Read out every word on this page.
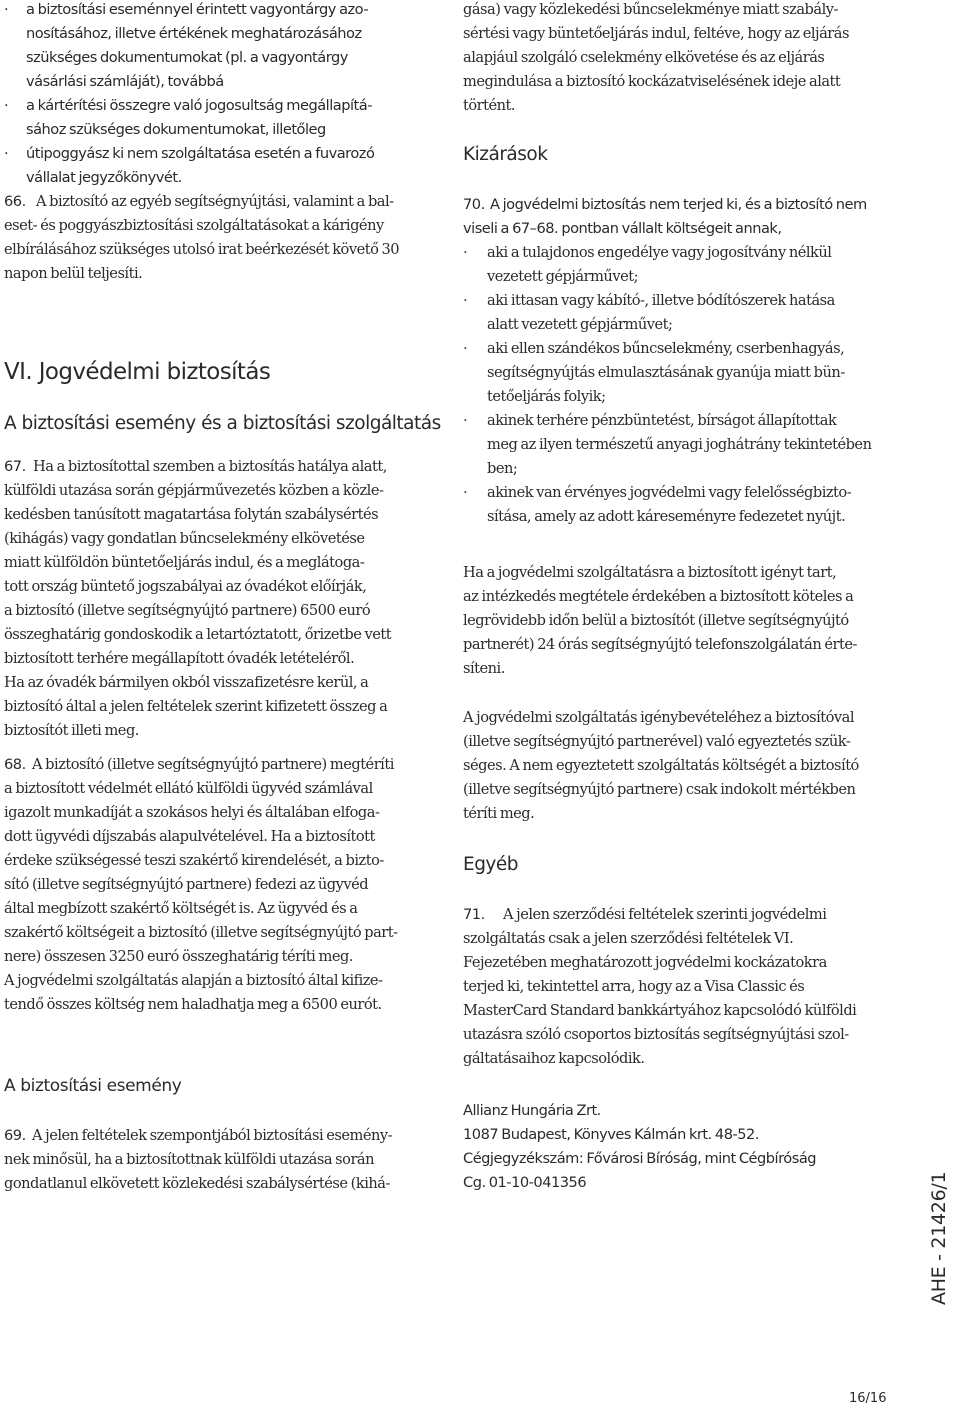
· a biztosítási eseménnyel érintett vagyontárgy azo-
nosításához, illetve értékének meghatározásához
szükséges dokumentumokat (pl. a vagyontárgy
vásárlási számláját), továbbá
· a kártérítési összegre való jogosultság megállapítá-
sához szükséges dokumentumokat, illetőleg
· útipoggyász ki nem szolgáltatása esetén a fuvarozó
vállalat jegyzőkönyvét.
66. A biztosító az egyéb segítségnyújtási, valamint a bal-
eset- és poggyászbiztosítási szolgáltatásokat a kárigény
elbírálásához szükséges utolsó irat beérkezését követő 30
napon belül teljesíti.
VI. Jogvédelmi biztosítás
A biztosítási esemény és a biztosítási szolgáltatás
67. Ha a biztosítottal szemben a biztosítás hatálya alatt,
külföldi utazása során gépjárművezetés közben a közle-
kedésben tanúsított magatartása folytán szabálysértés
(kihágás) vagy gondatlan bűncselekmény elkövetése
miatt külföldön büntetőeljárás indul, és a meglátoga-
tott ország büntető jogszabályai az óvadékot előírják,
a biztosító (illetve segítségnyújtó partnere) 6500 euró
összeghatárig gondoskodik a letartóztatott, őrizetbe vett
biztosított terhére megállapított óvadék letételéről.
Ha az óvadék bármilyen okból visszafizetésre kerül, a
biztosító által a jelen feltételek szerint kifizetett összeg a
biztosítót illeti meg.
68. A biztosító (illetve segítségnyújtó partnere) megtéríti
a biztosított védelmét ellátó külföldi ügyvéd számlával
igazolt munkadíját a szokásos helyi és általában elfoga-
dott ügyvédi díjszabás alapulvételével. Ha a biztosított
érdeke szükségessé teszi szakértő kirendelését, a bizto-
sító (illetve segítségnyújtó partnere) fedezi az ügyvéd
által megbízott szakértő költségét is. Az ügyvéd és a
szakértő költségeit a biztosító (illetve segítségnyújtó part-
nere) összesen 3250 euró összeghatárig téríti meg.
A jogvédelmi szolgáltatás alapján a biztosító által kifize-
tendő összes költség nem haladhatja meg a 6500 eurót.
A biztosítási esemény
69. A jelen feltételek szempontjából biztosítási esemény-
nek minősül, ha a biztosítottnak külföldi utazása során
gondatlanul elkövetett közlekedési szabálysértése (kihá-
gása) vagy közlekedési bűncselekménye miatt szabály-
sértési vagy büntetőeljárás indul, feltéve, hogy az eljárás
alapjául szolgáló cselekmény elkövetése és az eljárás
megindulása a biztosító kockázatviselésének ideje alatt
történt.
Kizárások
70. A jogvédelmi biztosítás nem terjed ki, és a biztosító nem
viseli a 67–68. pontban vállalt költségeit annak,
· aki a tulajdonos engedélye vagy jogosítvány nélkül
vezetett gépjárművet;
· aki ittasan vagy kábító-, illetve bódítószerek hatása
alatt vezetett gépjárművet;
· aki ellen szándékos bűncselekmény, cserbenhagyás,
segítségnyújtás elmulasztásának gyanúja miatt bün-
tetőeljárás folyik;
· akinek terhére pénzbüntetést, bírságot állapítottak
meg az ilyen természetű anyagi joghátrány tekintetében
ben;
· akinek van érvényes jogvédelmi vagy felelősségbizto-
sítása, amely az adott káreseményre fedezetet nyújt.
Ha a jogvédelmi szolgáltatásra a biztosított igényt tart,
az intézkedés megtétele érdekében a biztosított köteles a
legrövidebb időn belül a biztosítót (illetve segítségnyújtó
partnerét) 24 órás segítségnyújtó telefonszolgálatán érte-
síteni.
A jogvédelmi szolgáltatás igénybevételéhez a biztosítóval
(illetve segítségnyújtó partnerével) való egyeztetés szük-
séges. A nem egyeztetett szolgáltatás költségét a biztosító
(illetve segítségnyújtó partnere) csak indokolt mértékben
téríti meg.
Egyéb
71. A jelen szerződési feltételek szerinti jogvédelmi
szolgáltatás csak a jelen szerződési feltételek VI.
Fejezetében meghatározott jogvédelmi kockázatokra
terjed ki, tekintettel arra, hogy az a Visa Classic és
MasterCard Standard bankkártyához kapcsolódó külföldi
utazásra szóló csoportos biztosítás segítségnyújtási szol-
gáltatásaihoz kapcsolódik.
Allianz Hungária Zrt.
1087 Budapest, Könyves Kálmán krt. 48-52.
Cégjegyzékszám: Fővárosi Bíróság, mint Cégbíróság
Cg. 01-10-041356	AHE - 21426/1
16/16
